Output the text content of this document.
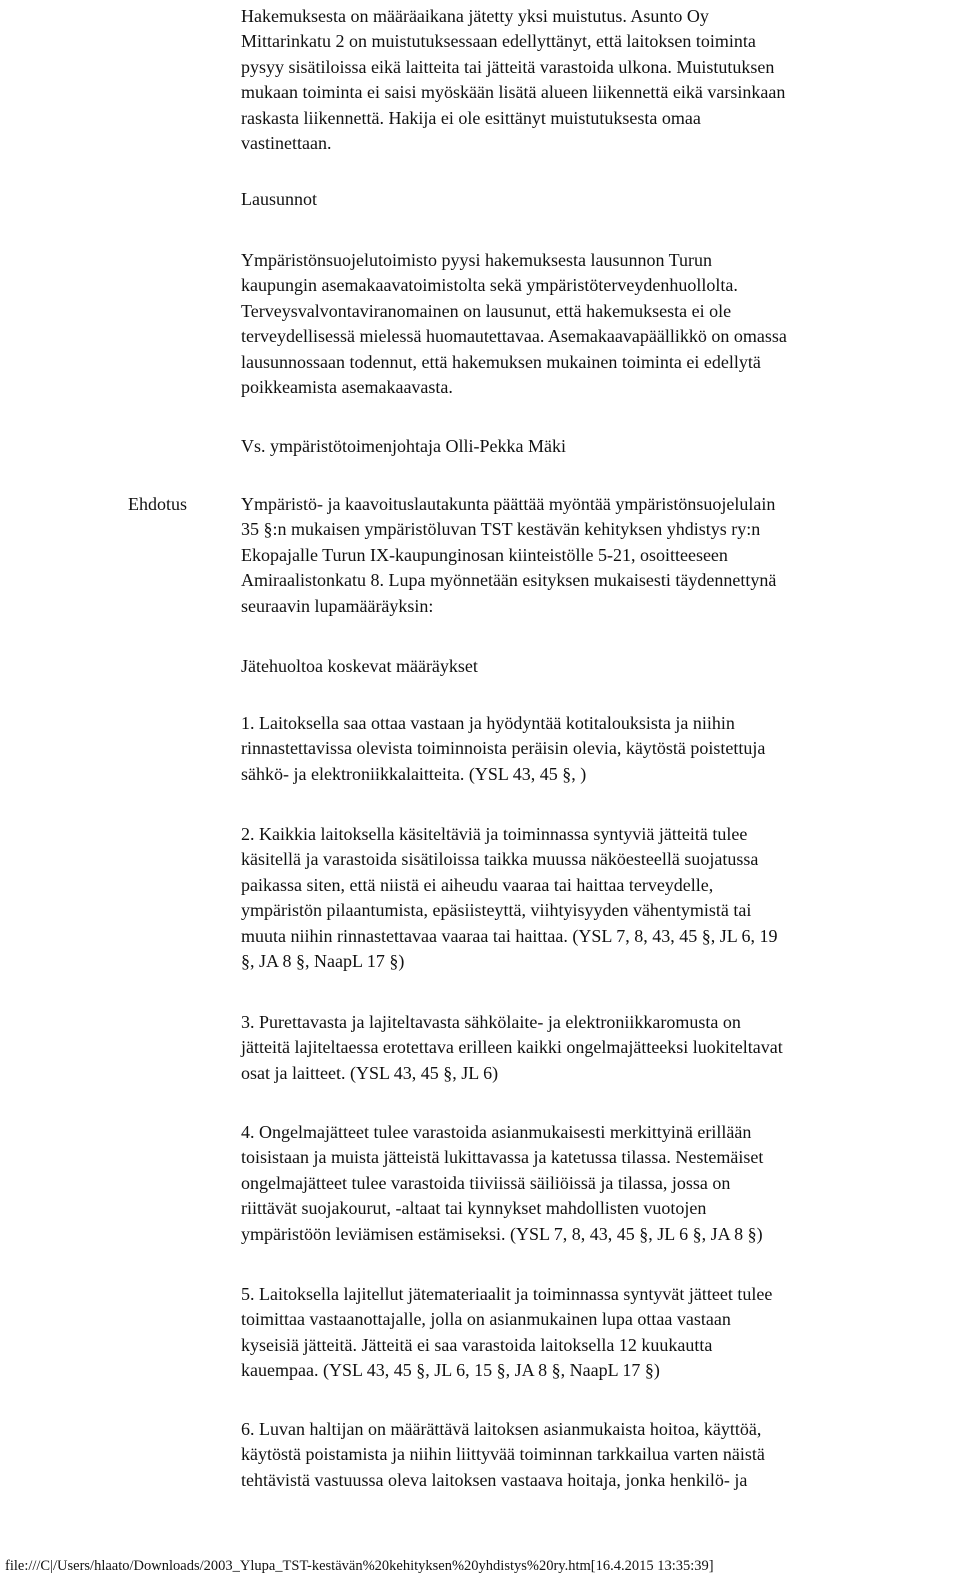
Hakemuksesta on määräaikana jätetty yksi muistutus. Asunto Oy
Mittarinkatu 2 on muistutuksessaan edellyttänyt, että laitoksen toiminta
pysyy sisätiloissa eikä laitteita tai jätteitä varastoida ulkona. Muistutuksen
mukaan toiminta ei saisi myöskään lisätä alueen liikennettä eikä varsinkaan
raskasta liikennettä. Hakija ei ole esittänyt muistutuksesta omaa
vastinettaan.

Lausunnot

Ympäristönsuojelutoimisto pyysi hakemuksesta lausunnon Turun
kaupungin asemakaavatoimistolta sekä ympäristöterveydenhuollolta.
Terveysvalvontaviranomainen on lausunut, että hakemuksesta ei ole
terveydellisessä mielessä huomautettavaa. Asemakaavapäällikkö on omassa
lausunnossaan todennut, että hakemuksen mukainen toiminta ei edellytä
poikkeamista asemakaavasta.

Vs. ympäristötoimenjohtaja Olli-Pekka Mäki

Ehdotus	Ympäristö- ja kaavoituslautakunta päättää myöntää ympäristönsuojelulain
35 §:n mukaisen ympäristöluvan TST kestävän kehityksen yhdistys ry:n
Ekopajalle Turun IX-kaupunginosan kiinteistölle 5-21, osoitteeseen
Amiraalistonkatu 8. Lupa myönnetään esityksen mukaisesti täydennettynä
seuraavin lupamääräyksin:

Jätehuoltoa koskevat määräykset

1. Laitoksella saa ottaa vastaan ja hyödyntää kotitalouksista ja niihin
rinnastettavissa olevista toiminnoista peräisin olevia, käytöstä poistettuja
sähkö- ja elektroniikkalaitteita. (YSL 43, 45 §, )

2. Kaikkia laitoksella käsiteltäviä ja toiminnassa syntyviä jätteitä tulee
käsitellä ja varastoida sisätiloissa taikka muussa näköesteellä suojatussa
paikassa siten, että niistä ei aiheudu vaaraa tai haittaa terveydelle,
ympäristön pilaantumista, epäsiisteyttä, viihtyisyyden vähentymistä tai
muuta niihin rinnastettavaa vaaraa tai haittaa. (YSL 7, 8, 43, 45 §, JL 6, 19
§, JA 8 §, NaapL 17 §)

3. Purettavasta ja lajiteltavasta sähkölaite- ja elektroniikkaromusta on
jätteitä lajiteltaessa erotettava erilleen kaikki ongelmajätteeksi luokiteltavat
osat ja laitteet. (YSL 43, 45 §, JL 6)

4. Ongelmajätteet tulee varastoida asianmukaisesti merkittyinä erillään
toisistaan ja muista jätteistä lukittavassa ja katetussa tilassa. Nestemäiset
ongelmajätteet tulee varastoida tiiviissä säiliöissä ja tilassa, jossa on
riittävät suojakourut, -altaat tai kynnykset mahdollisten vuotojen
ympäristöön leviämisen estämiseksi. (YSL 7, 8, 43, 45 §, JL 6 §, JA 8 §)

5. Laitoksella lajitellut jätemateriaalit ja toiminnassa syntyvät jätteet tulee
toimittaa vastaanottajalle, jolla on asianmukainen lupa ottaa vastaan
kyseisiä jätteitä. Jätteitä ei saa varastoida laitoksella 12 kuukautta
kauempaa. (YSL 43, 45 §, JL 6, 15 §, JA 8 §, NaapL 17 §)

6. Luvan haltijan on määrättävä laitoksen asianmukaista hoitoa, käyttöä,
käytöstä poistamista ja niihin liittyvää toiminnan tarkkailua varten näistä
tehtävistä vastuussa oleva laitoksen vastaava hoitaja, jonka henkilö- ja

file:///C|/Users/hlaato/Downloads/2003_Ylupa_TST-kestävän%20kehityksen%20yhdistys%20ry.htm[16.4.2015 13:35:39]
